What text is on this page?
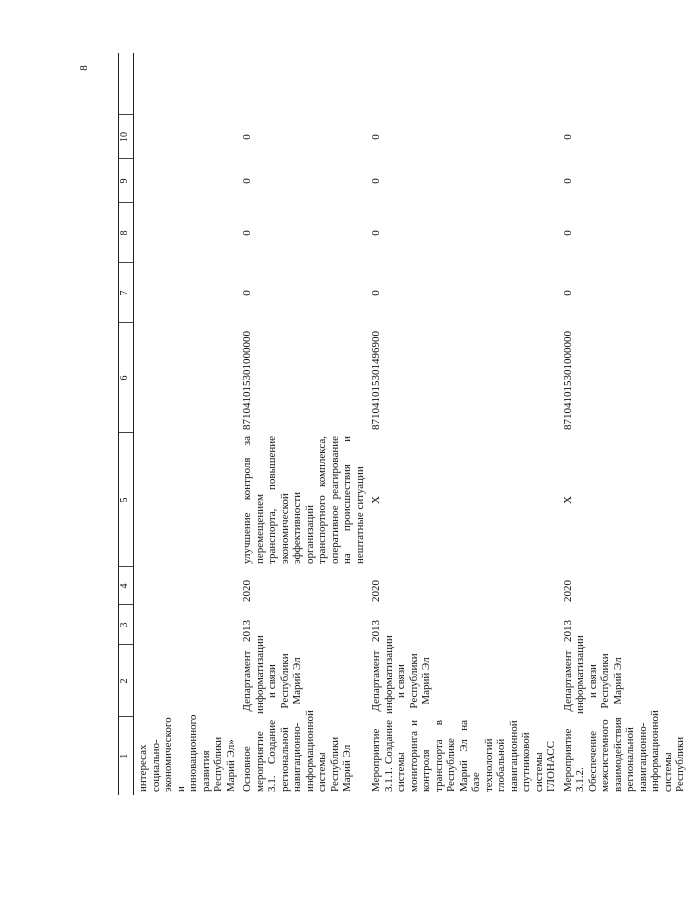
8
1	2	3	4	5	6	7	8	9	10	
интересах социально-экономического и инновационного развития Республики Марий Эл»										
Основное мероприятие 3.1. Создание региональной навигационно-информационной системы Республики Марий Эл	Департамент информатизации и связи Республики Марий Эл	2013	2020	улучшение контроля за перемещением транспорта, повышение экономической эффективности организаций транспортного комплекса, оперативное реагирование на происшествия и нештатные ситуации	871041015301000000	0	0	0	0	
Мероприятие 3.1.1. Создание системы мониторинга и контроля транспорта в Республике Марий Эл на базе технологий глобальной навигационной спутниковой системы ГЛОНАСС	Департамент информатизации и связи Республики Марий Эл	2013	2020	Х	871041015301496900	0	0	0	0	
Мероприятие 3.1.2. Обеспечение межсистемного взаимодействия региональной навигационно-информационной системы Республики	Департамент информатизации и связи Республики Марий Эл	2013	2020	Х	871041015301000000	0	0	0	0	
